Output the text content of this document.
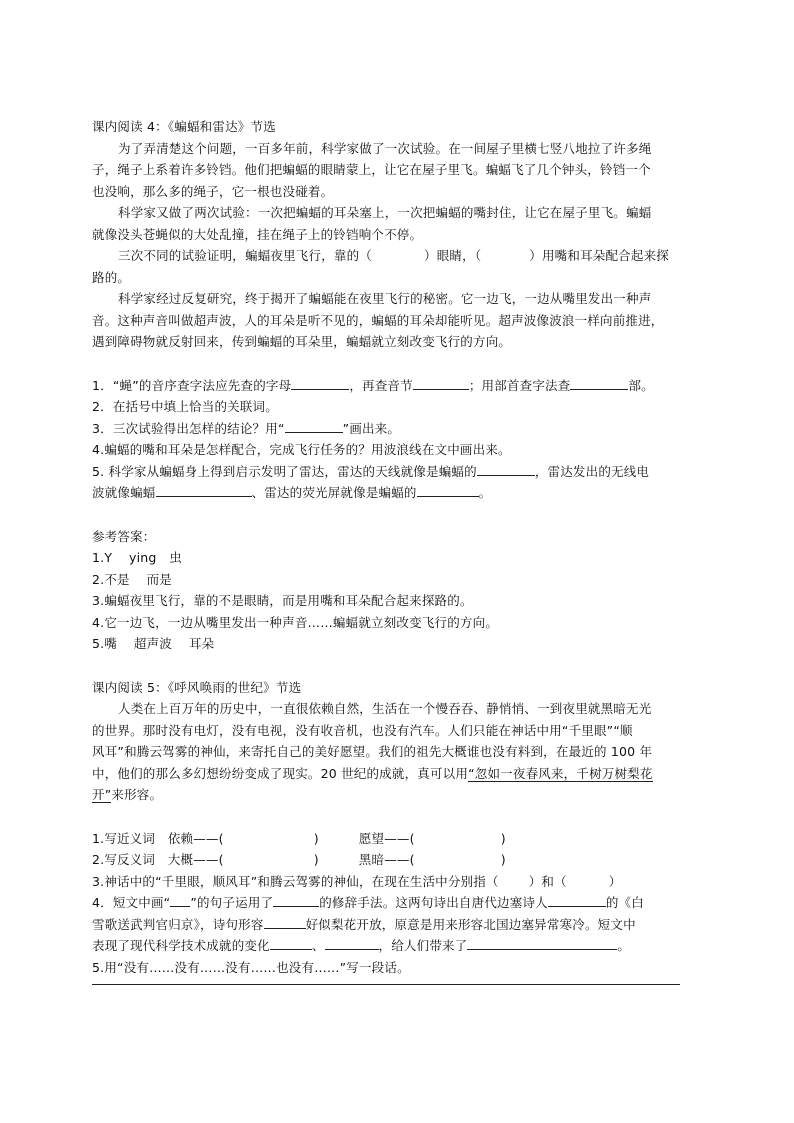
课内阅读 4：《蝙蝠和雷达》节选
为了弄清楚这个问题，一百多年前，科学家做了一次试验。在一间屋子里横七竖八地拉了许多绳
子，绳子上系着许多铃铛。他们把蝙蝠的眼睛蒙上，让它在屋子里飞。蝙蝠飞了几个钟头，铃铛一个
也没响，那么多的绳子，它一根也没碰着。
科学家又做了两次试验：一次把蝙蝠的耳朵塞上，一次把蝙蝠的嘴封住，让它在屋子里飞。蝙蝠
就像没头苍蝇似的大处乱撞，挂在绳子上的铃铛响个不停。
三次不同的试验证明，蝙蝠夜里飞行，靠的（	）眼睛，（	）用嘴和耳朵配合起来探
路的。
科学家经过反复研究，终于揭开了蝙蝠能在夜里飞行的秘密。它一边飞，一边从嘴里发出一种声
音。这种声音叫做超声波，人的耳朵是听不见的，蝙蝠的耳朵却能听见。超声波像波浪一样向前推进，
遇到障碍物就反射回来，传到蝙蝠的耳朵里，蝙蝠就立刻改变飞行的方向。
1．“蝇”的音序查字法应先查的字母	，再查音节	；用部首查字法查	部。
2．在括号中填上恰当的关联词。
3．三次试验得出怎样的结论？用“	”画出来。
4.蝙蝠的嘴和耳朵是怎样配合，完成飞行任务的？用波浪线在文中画出来。
5. 科学家从蝙蝠身上得到启示发明了雷达，雷达的天线就像是蝙蝠的	，雷达发出的无线电
波就像蝙蝠	、雷达的荧光屏就像是蝙蝠的	。
参考答案：
1.Y　 ying　虫
2.不是　 而是
3.蝙蝠夜里飞行，靠的不是眼睛，而是用嘴和耳朵配合起来探路的。
4.它一边飞，一边从嘴里发出一种声音……蝙蝠就立刻改变飞行的方向。
5.嘴　 超声波　 耳朵
课内阅读 5：《呼风唤雨的世纪》节选
人类在上百万年的历史中，一直很依赖自然，生活在一个慢吞吞、静悄悄、一到夜里就黑暗无光
的世界。那时没有电灯，没有电视，没有收音机，也没有汽车。人们只能在神话中用“千里眼”“顺
风耳”和腾云驾雾的神仙，来寄托自己的美好愿望。我们的祖先大概谁也没有料到，在最近的 100 年
中，他们的那么多幻想纷纷变成了现实。20 世纪的成就，真可以用“忽如一夜春风来，千树万树梨花
开”来形容。
1.写近义词　依赖——(	)	愿望——(	)
2.写反义词　大概——(	)	黑暗——(	)
3.神话中的“千里眼，顺风耳”和腾云驾雾的神仙，在现在生活中分别指（ ）和（	）
4．短文中画“ ”的句子运用了	的修辞手法。这两句诗出自唐代边塞诗人	的《白
雪歌送武判官归京》，诗句形容	好似梨花开放，原意是用来形容北国边塞异常寒冷。短文中
表现了现代科学技术成就的变化	、	，给人们带来了	。
5.用“没有……没有……没有……也没有……”写一段话。
